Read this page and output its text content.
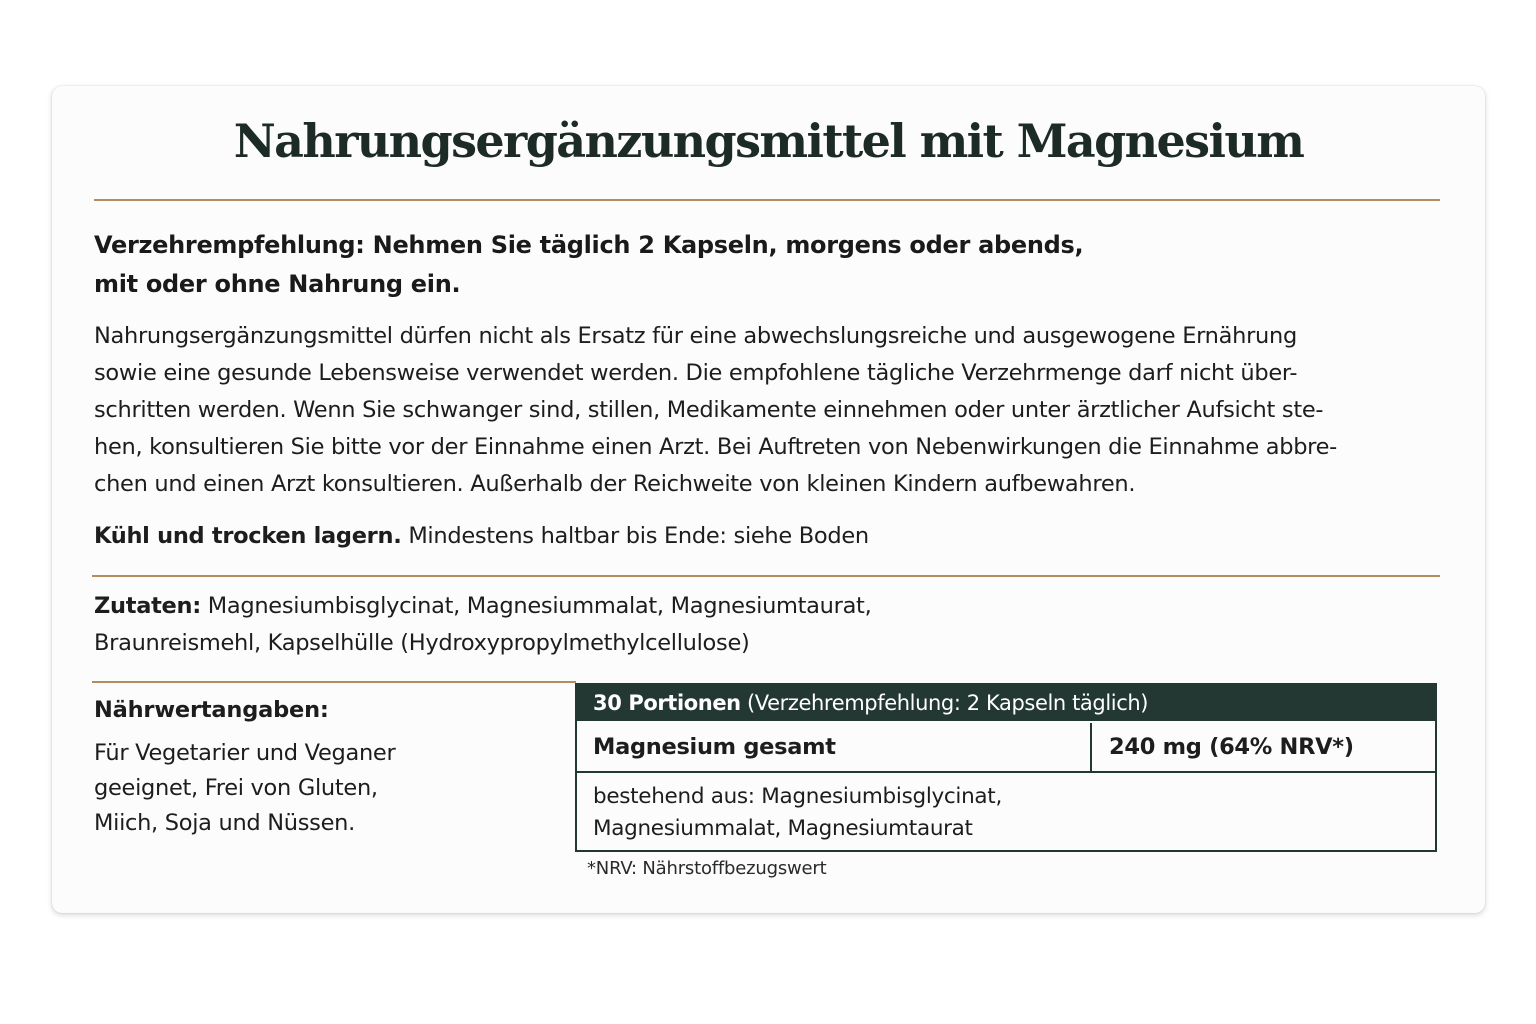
Nahrungsergänzungsmittel mit Magnesium
Verzehrempfehlung: Nehmen Sie täglich 2 Kapseln, morgens oder abends,
mit oder ohne Nahrung ein.
Nahrungsergänzungsmittel dürfen nicht als Ersatz für eine abwechslungsreiche und ausgewogene Ernährung
sowie eine gesunde Lebensweise verwendet werden. Die empfohlene tägliche Verzehrmenge darf nicht über-
schritten werden. Wenn Sie schwanger sind, stillen, Medikamente einnehmen oder unter ärztlicher Aufsicht ste-
hen, konsultieren Sie bitte vor der Einnahme einen Arzt. Bei Auftreten von Nebenwirkungen die Einnahme abbre-
chen und einen Arzt konsultieren. Außerhalb der Reichweite von kleinen Kindern aufbewahren.
Kühl und trocken lagern. Mindestens haltbar bis Ende: siehe Boden
Zutaten: Magnesiumbisglycinat, Magnesiummalat, Magnesiumtaurat,
Braunreismehl, Kapselhülle (Hydroxypropylmethylcellulose)

Nährwertangaben:

Für Vegetarier und Veganer
geeignet, Frei von Gluten,
Miich, Soja und Nüssen.
30 Portionen (Verzehrempfehlung: 2 Kapseln täglich)
Magnesium gesamt	240 mg (64% NRV*)
bestehend aus: Magnesiumbisglycinat,
Magnesiummalat, Magnesiumtaurat

*NRV: Nährstoffbezugswert
